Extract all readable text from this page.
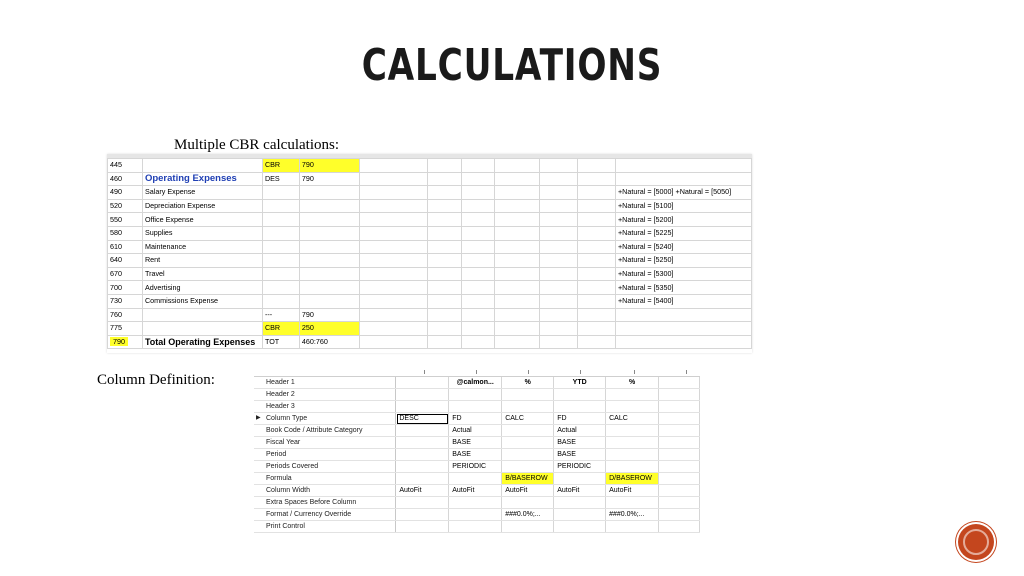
CALCULATIONS
Multiple CBR calculations:
445		CBR	790							
460	Operating Expenses	DES	790							
490	Salary Expense									+Natural = [5000] +Natural = [5050]
520	Depreciation Expense									+Natural = [5100]
550	Office Expense									+Natural = [5200]
580	Supplies									+Natural = [5225]
610	Maintenance									+Natural = [5240]
640	Rent									+Natural = [5250]
670	Travel									+Natural = [5300]
700	Advertising									+Natural = [5350]
730	Commissions Expense									+Natural = [5400]
760		---	790							
775		CBR	250							
790	Total Operating Expenses	TOT	460:760							
Column Definition:	Header 1		@calmon...	%	YTD	%	
Header 2						
Header 3						

▶ Column Type	DESC	FD	CALC	FD	CALC	
Book Code / Attribute Category		Actual		Actual		
Fiscal Year		BASE		BASE		
Period		BASE		BASE		
Periods Covered		PERIODIC		PERIODIC		
Formula			B/BASEROW		D/BASEROW	
Column Width	AutoFit	AutoFit	AutoFit	AutoFit	AutoFit	
Extra Spaces Before Column						
Format / Currency Override			###0.0%;...		###0.0%;...	
Print Control						
